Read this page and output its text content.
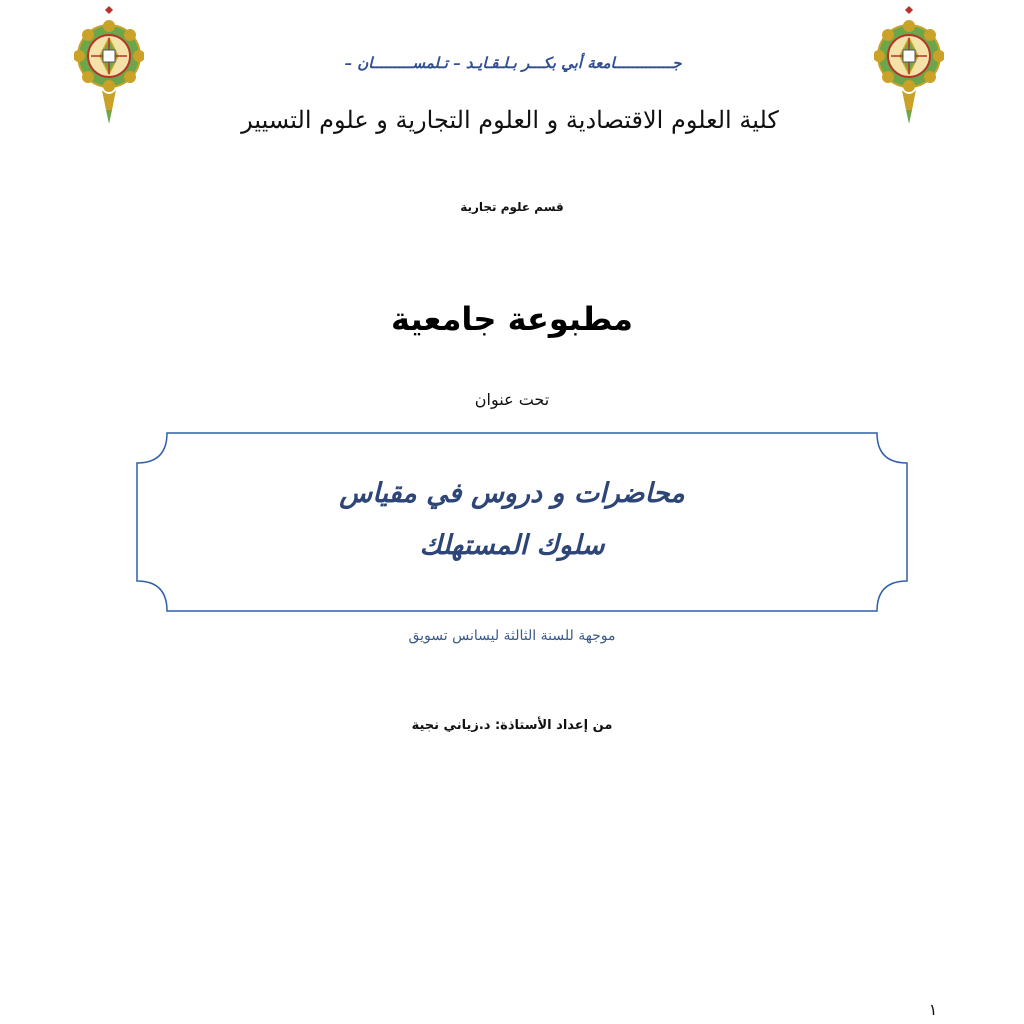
جـــــــــــــامعة أبي بكـــر بـلـقـايـد – تـلمســـــــــان –
كلية العلوم الاقتصادية و العلوم التجارية و علوم التسيير
قسم علوم تجارية
مطبوعة جامعية
تحت عنوان
محاضرات و دروس في مقياس
سلوك المستهلك
موجهة للسنة الثالثة ليسانس تسويق
من إعداد الأستاذة: د.زياني نجية
١
